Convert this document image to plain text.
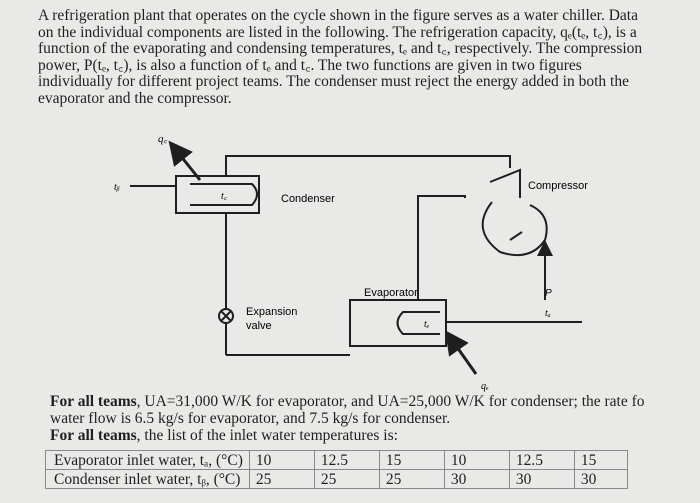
A refrigeration plant that operates on the cycle shown in the figure serves as a water chiller. Data
on the individual components are listed in the following. The refrigeration capacity, qₑ(tₑ, t꜀), is a
function of the evaporating and condensing temperatures, tₑ and t꜀, respectively. The compression
power, P(tₑ, t꜀), is also a function of tₑ and t꜀. The two functions are given in two figures
individually for different project teams. The condenser must reject the energy added in both the
evaporator and the compressor.
q꜀
tᵦ
t꜀	Condenser
Compressor
P
tₐ
Evaporator
tₑ
Expansion
valve
qₑ
For all teams, UA=31,000 W/K for evaporator, and UA=25,000 W/K for condenser; the rate fo
water flow is 6.5 kg/s for evaporator, and 7.5 kg/s for condenser.
For all teams, the list of the inlet water temperatures is:
Evaporator inlet water, tₐ, (°C)	10	12.5	15	10	12.5	15
Condenser inlet water, tᵦ, (°C)	25	25	25	30	30	30
